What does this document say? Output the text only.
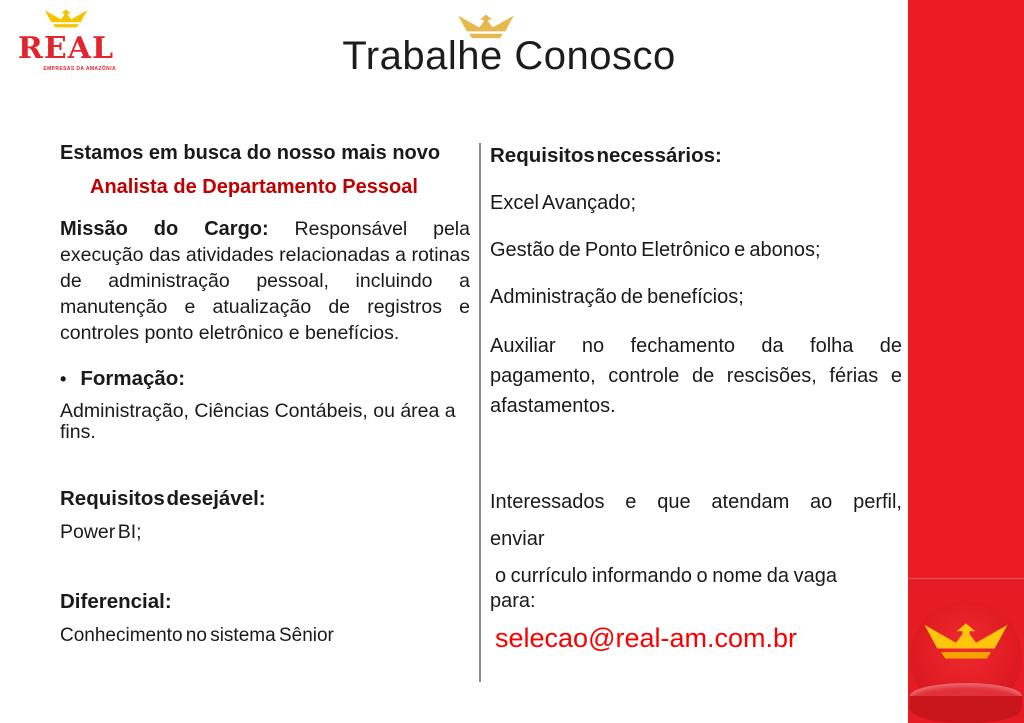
REAL
EMPRESAS DA AMAZÔNIA	Trabalhe Conosco

Estamos em busca do nosso mais novo

Analista de Departamento Pessoal

Missão do Cargo: Responsável pela execução das atividades relacionadas a rotinas de administração pessoal, incluindo a manutenção e atualização de registros e controles ponto eletrônico e benefícios.

• Formação:

Administração, Ciências Contábeis, ou área a fins.

Requisitos desejável:

Power BI;

Diferencial:

Conhecimento no sistema Sênior

Requisitos necessários:

Excel Avançado;

Gestão de Ponto Eletrônico e abonos;

Administração de benefícios;

Auxiliar no fechamento da folha de pagamento, controle de rescisões, férias e afastamentos.

Interessados e que atendam ao perfil,

enviar

o currículo informando o nome da vaga

para:

selecao@real-am.com.br
